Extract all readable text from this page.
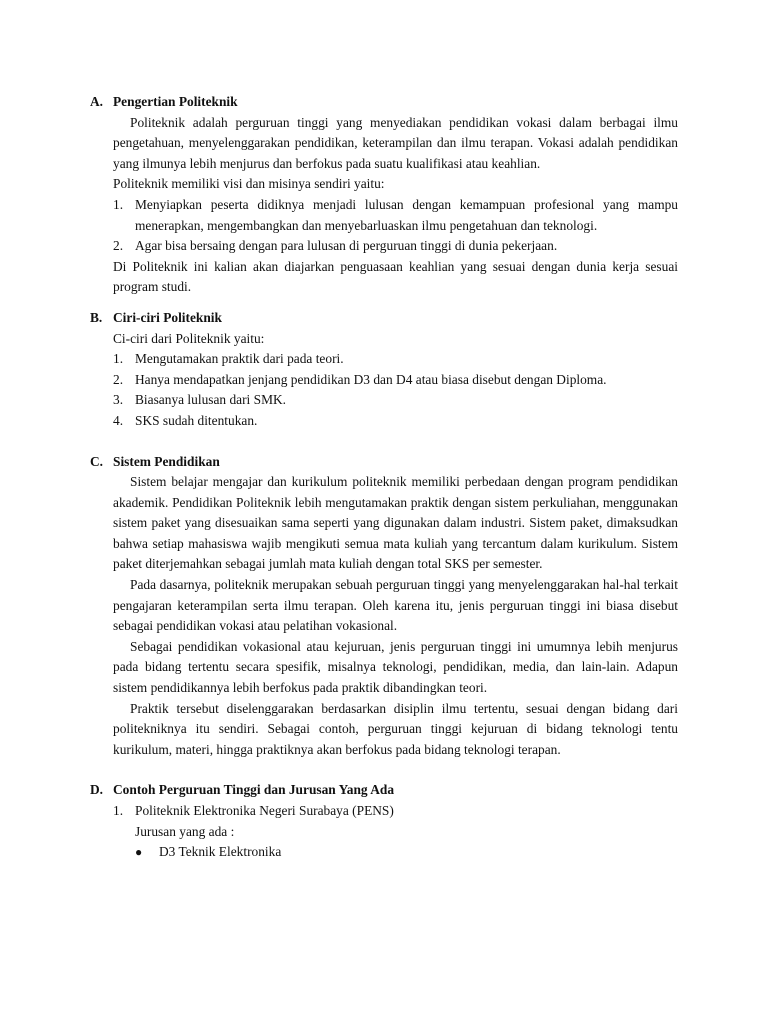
A. Pengertian Politeknik

Politeknik adalah perguruan tinggi yang menyediakan pendidikan vokasi dalam berbagai ilmu pengetahuan, menyelenggarakan pendidikan, keterampilan dan ilmu terapan. Vokasi adalah pendidikan yang ilmunya lebih menjurus dan berfokus pada suatu kualifikasi atau keahlian.

Politeknik memiliki visi dan misinya sendiri yaitu:

1. Menyiapkan peserta didiknya menjadi lulusan dengan kemampuan profesional yang mampu menerapkan, mengembangkan dan menyebarluaskan ilmu pengetahuan dan teknologi.
2. Agar bisa bersaing dengan para lulusan di perguruan tinggi di dunia pekerjaan.

Di Politeknik ini kalian akan diajarkan penguasaan keahlian yang sesuai dengan dunia kerja sesuai program studi.

B. Ciri-ciri Politeknik

Ci-ciri dari Politeknik yaitu:

1. Mengutamakan praktik dari pada teori.
2. Hanya mendapatkan jenjang pendidikan D3 dan D4 atau biasa disebut dengan Diploma.
3. Biasanya lulusan dari SMK.
4. SKS sudah ditentukan.
C. Sistem Pendidikan

Sistem belajar mengajar dan kurikulum politeknik memiliki perbedaan dengan program pendidikan akademik. Pendidikan Politeknik lebih mengutamakan praktik dengan sistem perkuliahan, menggunakan sistem paket yang disesuaikan sama seperti yang digunakan dalam industri. Sistem paket, dimaksudkan bahwa setiap mahasiswa wajib mengikuti semua mata kuliah yang tercantum dalam kurikulum. Sistem paket diterjemahkan sebagai jumlah mata kuliah dengan total SKS per semester.

Pada dasarnya, politeknik merupakan sebuah perguruan tinggi yang menyelenggarakan hal-hal terkait pengajaran keterampilan serta ilmu terapan. Oleh karena itu, jenis perguruan tinggi ini biasa disebut sebagai pendidikan vokasi atau pelatihan vokasional.

Sebagai pendidikan vokasional atau kejuruan, jenis perguruan tinggi ini umumnya lebih menjurus pada bidang tertentu secara spesifik, misalnya teknologi, pendidikan, media, dan lain-lain. Adapun sistem pendidikannya lebih berfokus pada praktik dibandingkan teori.

Praktik tersebut diselenggarakan berdasarkan disiplin ilmu tertentu, sesuai dengan bidang dari politekniknya itu sendiri. Sebagai contoh, perguruan tinggi kejuruan di bidang teknologi tentu kurikulum, materi, hingga praktiknya akan berfokus pada bidang teknologi terapan.

D. Contoh Perguruan Tinggi dan Jurusan Yang Ada
1. Politeknik Elektronika Negeri Surabaya (PENS)

Jurusan yang ada :

●	D3 Teknik Elektronika
